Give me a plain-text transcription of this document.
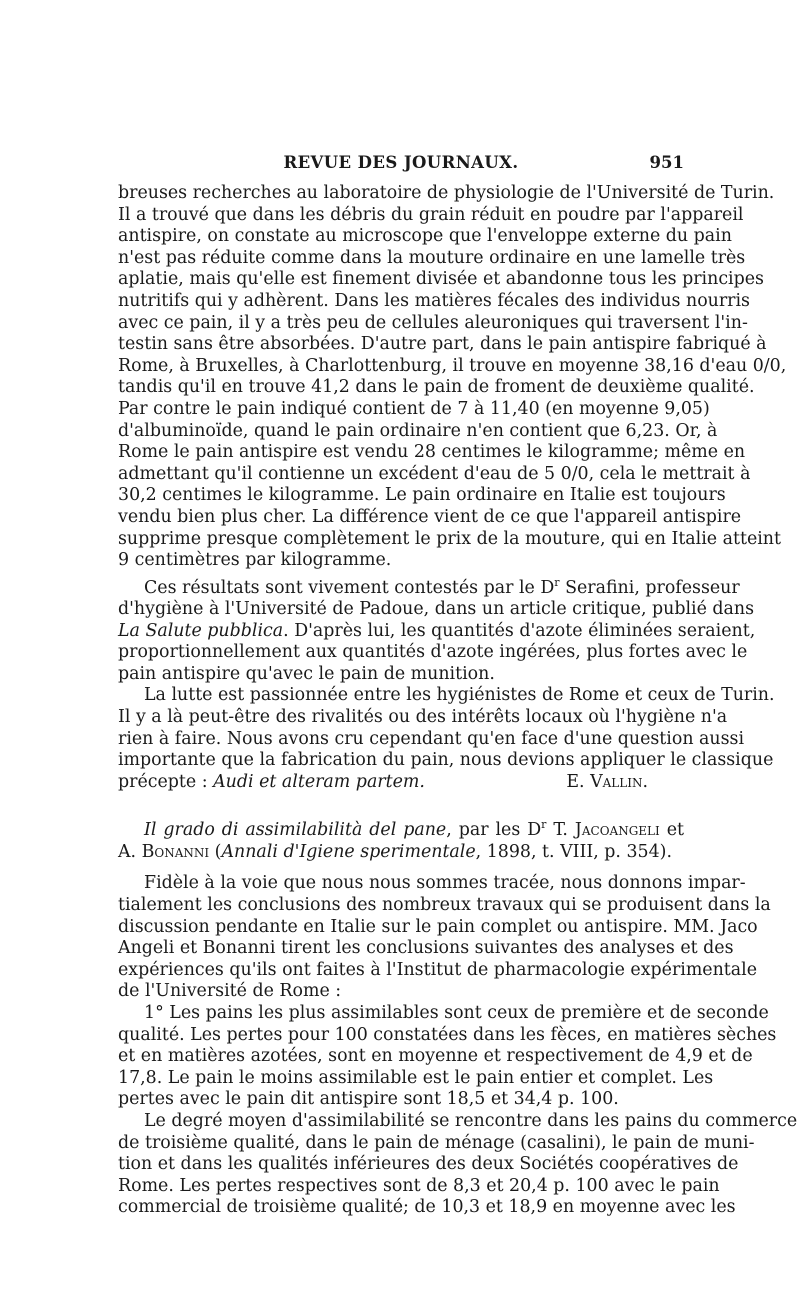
REVUE DES JOURNAUX.	951
breuses recherches au laboratoire de physiologie de l'Université de Turin.
Il a trouvé que dans les débris du grain réduit en poudre par l'appareil
antispire, on constate au microscope que l'enveloppe externe du pain
n'est pas réduite comme dans la mouture ordinaire en une lamelle très
aplatie, mais qu'elle est finement divisée et abandonne tous les principes
nutritifs qui y adhèrent. Dans les matières fécales des individus nourris
avec ce pain, il y a très peu de cellules aleuroniques qui traversent l'in-
testin sans être absorbées. D'autre part, dans le pain antispire fabriqué à
Rome, à Bruxelles, à Charlottenburg, il trouve en moyenne 38,16 d'eau 0/0,
tandis qu'il en trouve 41,2 dans le pain de froment de deuxième qualité.
Par contre le pain indiqué contient de 7 à 11,40 (en moyenne 9,05)
d'albuminoïde, quand le pain ordinaire n'en contient que 6,23. Or, à
Rome le pain antispire est vendu 28 centimes le kilogramme; même en
admettant qu'il contienne un excédent d'eau de 5 0/0, cela le mettrait à
30,2 centimes le kilogramme. Le pain ordinaire en Italie est toujours
vendu bien plus cher. La différence vient de ce que l'appareil antispire
supprime presque complètement le prix de la mouture, qui en Italie atteint
9 centimètres par kilogramme.
Ces résultats sont vivement contestés par le $D^r$ Serafini, professeur
d'hygiène à l'Université de Padoue, dans un article critique, publié dans
La Salute pubblica. D'après lui, les quantités d'azote éliminées seraient,
proportionnellement aux quantités d'azote ingérées, plus fortes avec le
pain antispire qu'avec le pain de munition.
La lutte est passionnée entre les hygiénistes de Rome et ceux de Turin.
Il y a là peut-être des rivalités ou des intérêts locaux où l'hygiène n'a
rien à faire. Nous avons cru cependant qu'en face d'une question aussi
importante que la fabrication du pain, nous devions appliquer le classique
précepte : Audi et alteram partem.	E. Vallin.
Il grado di assimilabilità del pane, par les $D^r$ T. Jacoangeli et
A. Bonanni (Annali d'Igiene sperimentale, 1898, t. VIII, p. 354).
Fidèle à la voie que nous nous sommes tracée, nous donnons impar-
tialement les conclusions des nombreux travaux qui se produisent dans la
discussion pendante en Italie sur le pain complet ou antispire. MM. Jaco
Angeli et Bonanni tirent les conclusions suivantes des analyses et des
expériences qu'ils ont faites à l'Institut de pharmacologie expérimentale
de l'Université de Rome :
1° Les pains les plus assimilables sont ceux de première et de seconde
qualité. Les pertes pour 100 constatées dans les fèces, en matières sèches
et en matières azotées, sont en moyenne et respectivement de 4,9 et de
17,8. Le pain le moins assimilable est le pain entier et complet. Les
pertes avec le pain dit antispire sont 18,5 et 34,4 p. 100.
Le degré moyen d'assimilabilité se rencontre dans les pains du commerce
de troisième qualité, dans le pain de ménage (casalini), le pain de muni-
tion et dans les qualités inférieures des deux Sociétés coopératives de
Rome. Les pertes respectives sont de 8,3 et 20,4 p. 100 avec le pain
commercial de troisième qualité; de 10,3 et 18,9 en moyenne avec les
